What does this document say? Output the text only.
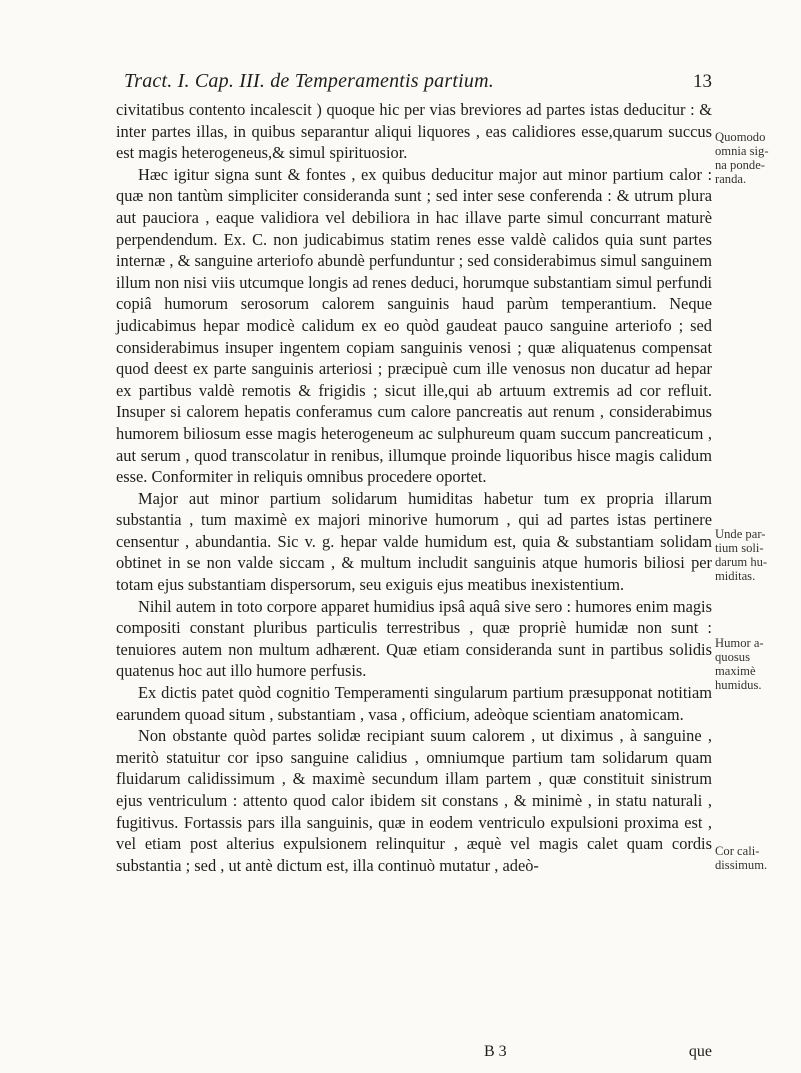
Tract. I. Cap. III. de Temperamentis partium.	13

civitatibus contento incalescit ) quoque hic per vias breviores ad partes istas deducitur : & inter partes illas, in quibus separantur aliqui liquores , eas calidiores esse,quarum succus est magis heterogeneus,& simul spirituosior.

Hæc igitur signa sunt & fontes , ex quibus deducitur major aut minor partium calor : quæ non tantùm simpliciter consideranda sunt ; sed inter sese conferenda : & utrum plura aut pauciora , eaque validiora vel debiliora in hac illave parte simul concurrant maturè perpendendum. Ex. C. non judicabimus statim renes esse valdè calidos quia sunt partes internæ , & sanguine arteriofo abundè perfunduntur ; sed considerabimus simul sanguinem illum non nisi viis utcumque longis ad renes deduci, horumque substantiam simul perfundi copiâ humorum serosorum calorem sanguinis haud parùm temperantium. Neque judicabimus hepar modicè calidum ex eo quòd gaudeat pauco sanguine arteriofo ; sed considerabimus insuper ingentem copiam sanguinis venosi ; quæ aliquatenus compensat quod deest ex parte sanguinis arteriosi ; præcipuè cum ille venosus non ducatur ad hepar ex partibus valdè remotis & frigidis ; sicut ille,qui ab artuum extremis ad cor refluit. Insuper si calorem hepatis conferamus cum calore pancreatis aut renum , considerabimus humorem biliosum esse magis heterogeneum ac sulphureum quam succum pancreaticum , aut serum , quod transcolatur in renibus, illumque proinde liquoribus hisce magis calidum esse. Conformiter in reliquis omnibus procedere oportet.

Major aut minor partium solidarum humiditas habetur tum ex propria illarum substantia , tum maximè ex majori minorive humorum , qui ad partes istas pertinere censentur , abundantia. Sic v. g. hepar valde humidum est, quia & substantiam solidam obtinet in se non valde siccam , & multum includit sanguinis atque humoris biliosi per totam ejus substantiam dispersorum, seu exiguis ejus meatibus inexistentium.

Nihil autem in toto corpore apparet humidius ipsâ aquâ sive sero : humores enim magis compositi constant pluribus particulis terrestribus , quæ propriè humidæ non sunt : tenuiores autem non multum adhærent. Quæ etiam consideranda sunt in partibus solidis quatenus hoc aut illo humore perfusis.

Ex dictis patet quòd cognitio Temperamenti singularum partium præsupponat notitiam earundem quoad situm , substantiam , vasa , officium, adeòque scientiam anatomicam.

Non obstante quòd partes solidæ recipiant suum calorem , ut diximus , à sanguine , meritò statuitur cor ipso sanguine calidius , omniumque partium tam solidarum quam fluidarum calidissimum , & maximè secundum illam partem , quæ constituit sinistrum ejus ventriculum : attento quod calor ibidem sit constans , & minimè , in statu naturali , fugitivus. Fortassis pars illa sanguinis, quæ in eodem ventriculo expulsioni proxima est , vel etiam post alterius expulsionem relinquitur , æquè vel magis calet quam cordis substantia ; sed , ut antè dictum est, illa continuò mutatur , adeò-

Quomodo
omnia sig-
na ponde-
randa.
Unde par-
tium soli-
darum hu-
miditas.
Humor a-
quosus
maximè
humidus.
Cor cali-
dissimum.
B 3	que
